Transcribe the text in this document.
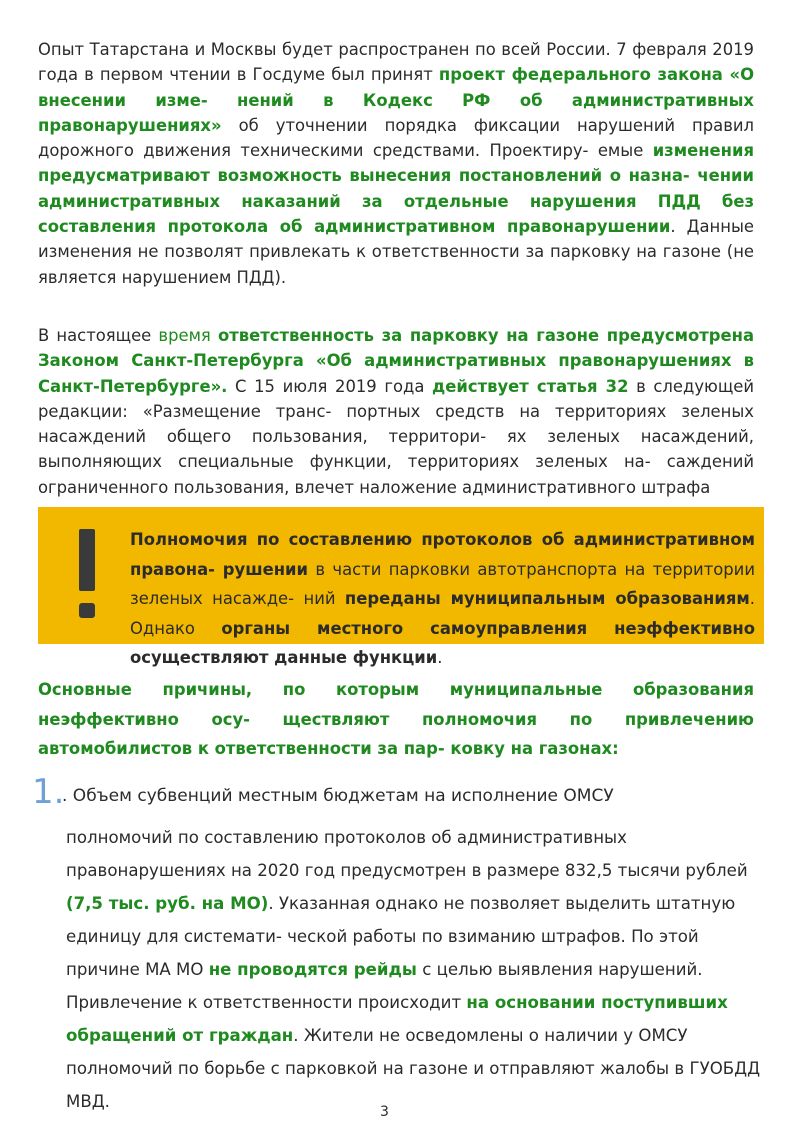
Опыт Татарстана и Москвы будет распространен по всей России. 7 февраля 2019 года в первом чтении в Госдуме был принят проект федерального закона «О внесении изме- нений в Кодекс РФ об административных правонарушениях» об уточнении порядка фиксации нарушений правил дорожного движения техническими средствами. Проектиру- емые изменения предусматривают возможность вынесения постановлений о назна- чении административных наказаний за отдельные нарушения ПДД без составления протокола об административном правонарушении. Данные изменения не позволят привлекать к ответственности за парковку на газоне (не является нарушением ПДД).
В настоящее время ответственность за парковку на газоне предусмотрена Законом Санкт-Петербурга «Об административных правонарушениях в Санкт-Петербурге». С 15 июля 2019 года действует статья 32 в следующей редакции: «Размещение транс- портных средств на территориях зеленых насаждений общего пользования, территори- ях зеленых насаждений, выполняющих специальные функции, территориях зеленых на- саждений ограниченного пользования, влечет наложение административного штрафа
Полномочия по составлению протоколов об административном правона- рушении в части парковки автотранспорта на территории зеленых насажде- ний переданы муниципальным образованиям. Однако органы местного самоуправления неэффективно осуществляют данные функции.
Основные причины, по которым муниципальные образования неэффективно осу- ществляют полномочия по привлечению автомобилистов к ответственности за пар- ковку на газонах:
1.
. Объем субвенций местным бюджетам на исполнение ОМСУ
полномочий по составлению протоколов об административных правонарушениях на 2020 год предусмотрен в размере 832,5 тысячи рублей (7,5 тыс. руб. на МО). Указанная однако не позволяет выделить штатную единицу для системати- ческой работы по взиманию штрафов. По этой причине МА МО не проводятся рейды с целью выявления нарушений. Привлечение к ответственности происходит на основании поступивших обращений от граждан. Жители не осведомлены о наличии у ОМСУ полномочий по борьбе с парковкой на газоне и отправляют жалобы в ГУОБДД МВД.
3
